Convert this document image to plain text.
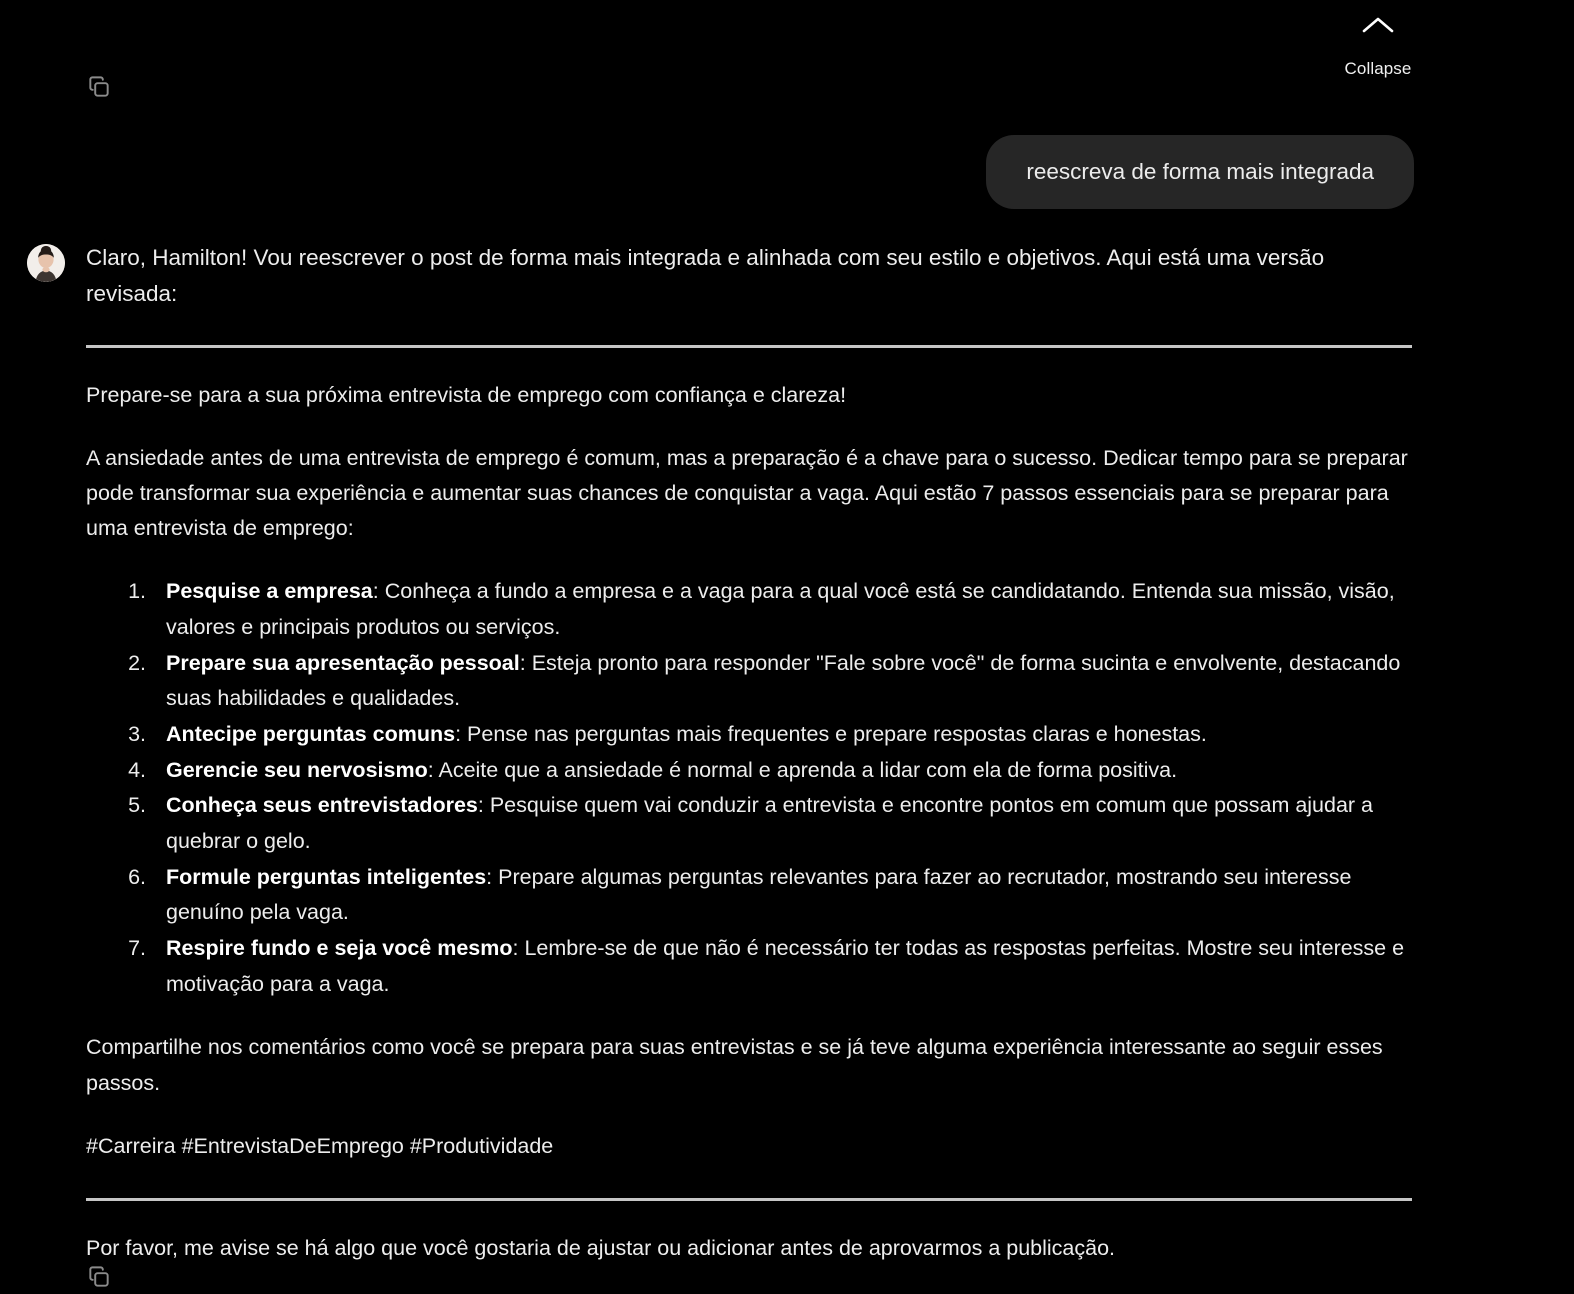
Collapse
reescreva de forma mais integrada

Claro, Hamilton! Vou reescrever o post de forma mais integrada e alinhada com seu estilo e objetivos. Aqui está uma versão revisada:

Prepare-se para a sua próxima entrevista de emprego com confiança e clareza!

A ansiedade antes de uma entrevista de emprego é comum, mas a preparação é a chave para o sucesso. Dedicar tempo para se preparar pode transformar sua experiência e aumentar suas chances de conquistar a vaga. Aqui estão 7 passos essenciais para se preparar para uma entrevista de emprego:

1. Pesquise a empresa: Conheça a fundo a empresa e a vaga para a qual você está se candidatando. Entenda sua missão, visão, valores e principais produtos ou serviços.
2. Prepare sua apresentação pessoal: Esteja pronto para responder "Fale sobre você" de forma sucinta e envolvente, destacando suas habilidades e qualidades.
3. Antecipe perguntas comuns: Pense nas perguntas mais frequentes e prepare respostas claras e honestas.
4. Gerencie seu nervosismo: Aceite que a ansiedade é normal e aprenda a lidar com ela de forma positiva.
5. Conheça seus entrevistadores: Pesquise quem vai conduzir a entrevista e encontre pontos em comum que possam ajudar a quebrar o gelo.
6. Formule perguntas inteligentes: Prepare algumas perguntas relevantes para fazer ao recrutador, mostrando seu interesse genuíno pela vaga.
7. Respire fundo e seja você mesmo: Lembre-se de que não é necessário ter todas as respostas perfeitas. Mostre seu interesse e motivação para a vaga.

Compartilhe nos comentários como você se prepara para suas entrevistas e se já teve alguma experiência interessante ao seguir esses passos.

#Carreira #EntrevistaDeEmprego #Produtividade

Por favor, me avise se há algo que você gostaria de ajustar ou adicionar antes de aprovarmos a publicação.
